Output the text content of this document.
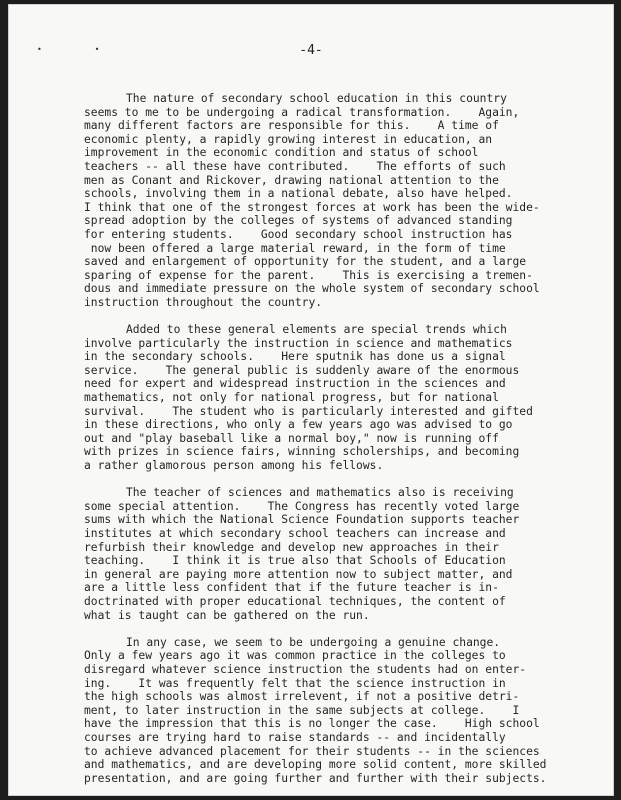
• •	-4-
The nature of secondary school education in this country
seems to me to be undergoing a radical transformation.    Again,
many different factors are responsible for this.    A time of
economic plenty, a rapidly growing interest in education, an
improvement in the economic condition and status of school
teachers -- all these have contributed.    The efforts of such
men as Conant and Rickover, drawing national attention to the
schools, involving them in a national debate, also have helped.
I think that one of the strongest forces at work has been the wide-
spread adoption by the colleges of systems of advanced standing
for entering students.    Good secondary school instruction has
now been offered a large material reward, in the form of time
saved and enlargement of opportunity for the student, and a large
sparing of expense for the parent.    This is exercising a tremen-
dous and immediate pressure on the whole system of secondary school
instruction throughout the country.
Added to these general elements are special trends which
involve particularly the instruction in science and mathematics
in the secondary schools.    Here sputnik has done us a signal
service.    The general public is suddenly aware of the enormous
need for expert and widespread instruction in the sciences and
mathematics, not only for national progress, but for national
survival.    The student who is particularly interested and gifted
in these directions, who only a few years ago was advised to go
out and "play baseball like a normal boy," now is running off
with prizes in science fairs, winning scholerships, and becoming
a rather glamorous person among his fellows.
The teacher of sciences and mathematics also is receiving
some special attention.    The Congress has recently voted large
sums with which the National Science Foundation supports teacher
institutes at which secondary school teachers can increase and
refurbish their knowledge and develop new approaches in their
teaching.    I think it is true also that Schools of Education
in general are paying more attention now to subject matter, and
are a little less confident that if the future teacher is in-
doctrinated with proper educational techniques, the content of
what is taught can be gathered on the run.
In any case, we seem to be undergoing a genuine change.
Only a few years ago it was common practice in the colleges to
disregard whatever science instruction the students had on enter-
ing.    It was frequently felt that the science instruction in
the high schools was almost irrelevent, if not a positive detri-
ment, to later instruction in the same subjects at college.    I
have the impression that this is no longer the case.    High school
courses are trying hard to raise standards -- and incidentally
to achieve advanced placement for their students -- in the sciences
and mathematics, and are developing more solid content, more skilled
presentation, and are going further and further with their subjects.
